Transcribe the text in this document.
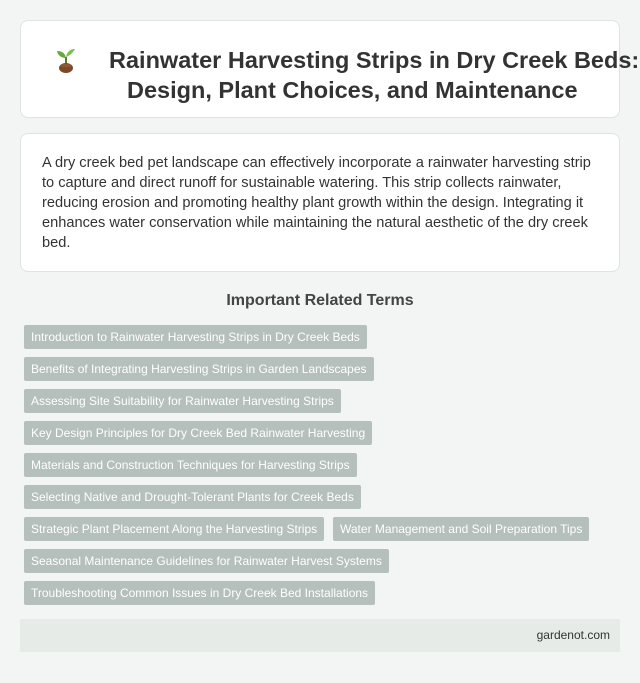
Rainwater Harvesting Strips in Dry Creek Beds:
Design, Plant Choices, and Maintenance

A dry creek bed pet landscape can effectively incorporate a rainwater harvesting strip to capture and direct runoff for sustainable watering. This strip collects rainwater, reducing erosion and promoting healthy plant growth within the design. Integrating it enhances water conservation while maintaining the natural aesthetic of the dry creek bed.

Important Related Terms
Introduction to Rainwater Harvesting Strips in Dry Creek Beds
Benefits of Integrating Harvesting Strips in Garden Landscapes
Assessing Site Suitability for Rainwater Harvesting Strips
Key Design Principles for Dry Creek Bed Rainwater Harvesting
Materials and Construction Techniques for Harvesting Strips
Selecting Native and Drought-Tolerant Plants for Creek Beds
Strategic Plant Placement Along the Harvesting Strips	Water Management and Soil Preparation Tips
Seasonal Maintenance Guidelines for Rainwater Harvest Systems
Troubleshooting Common Issues in Dry Creek Bed Installations
gardenot.com
